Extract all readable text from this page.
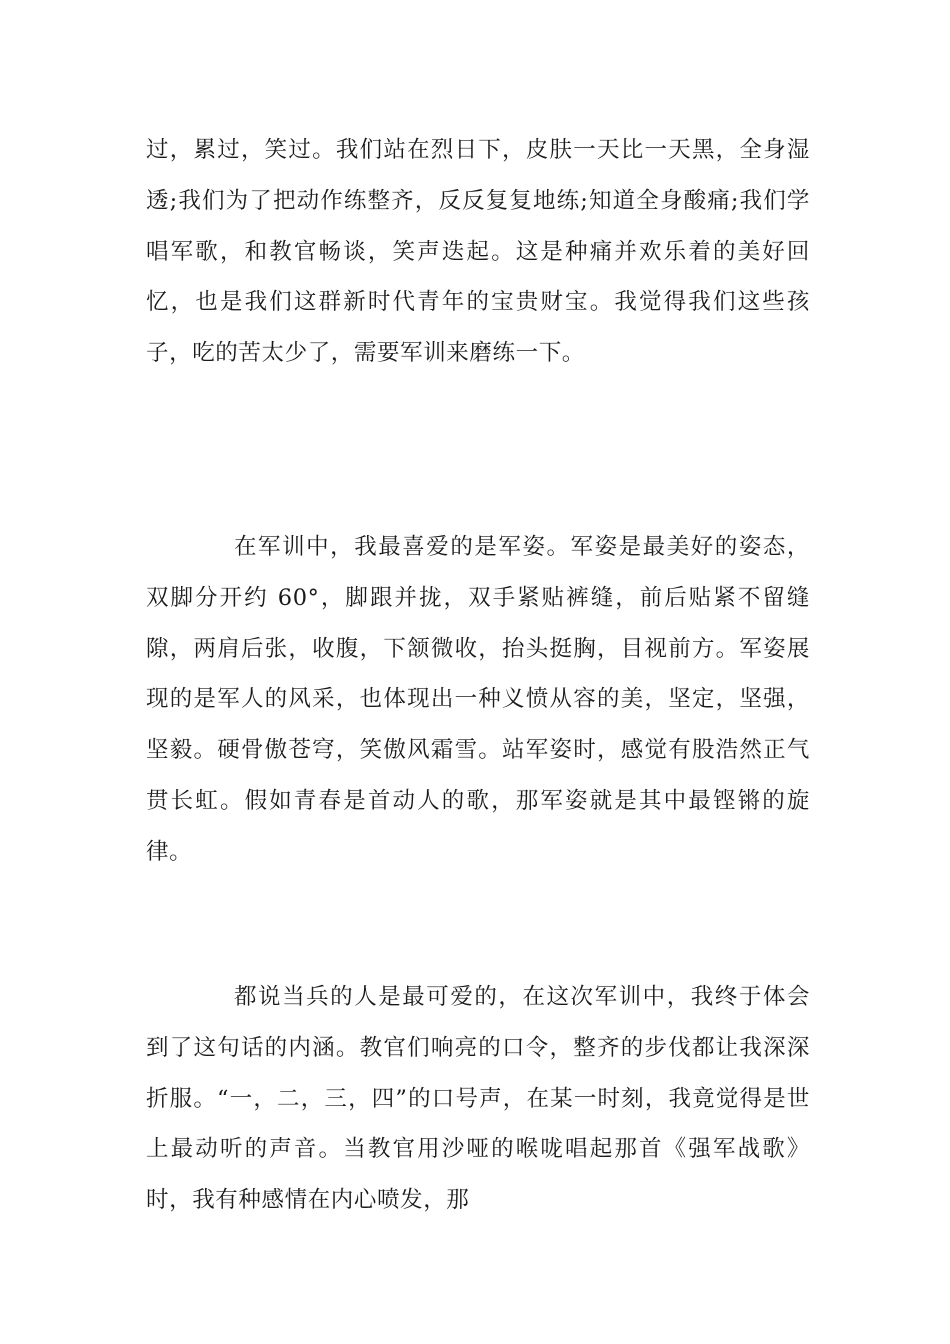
过，累过，笑过。我们站在烈日下，皮肤一天比一天黑，全身湿透;我们为了把动作练整齐，反反复复地练;知道全身酸痛;我们学唱军歌，和教官畅谈，笑声迭起。这是种痛并欢乐着的美好回忆，也是我们这群新时代青年的宝贵财宝。我觉得我们这些孩子，吃的苦太少了，需要军训来磨练一下。

在军训中，我最喜爱的是军姿。军姿是最美好的姿态，双脚分开约 60°，脚跟并拢，双手紧贴裤缝，前后贴紧不留缝隙，两肩后张，收腹，下颔微收，抬头挺胸，目视前方。军姿展现的是军人的风采，也体现出一种义愤从容的美，坚定，坚强，坚毅。硬骨傲苍穹，笑傲风霜雪。站军姿时，感觉有股浩然正气贯长虹。假如青春是首动人的歌，那军姿就是其中最铿锵的旋律。

都说当兵的人是最可爱的，在这次军训中，我终于体会到了这句话的内涵。教官们响亮的口令，整齐的步伐都让我深深折服。“一，二，三，四”的口号声，在某一时刻，我竟觉得是世上最动听的声音。当教官用沙哑的喉咙唱起那首《强军战歌》时，我有种感情在内心喷发，那
